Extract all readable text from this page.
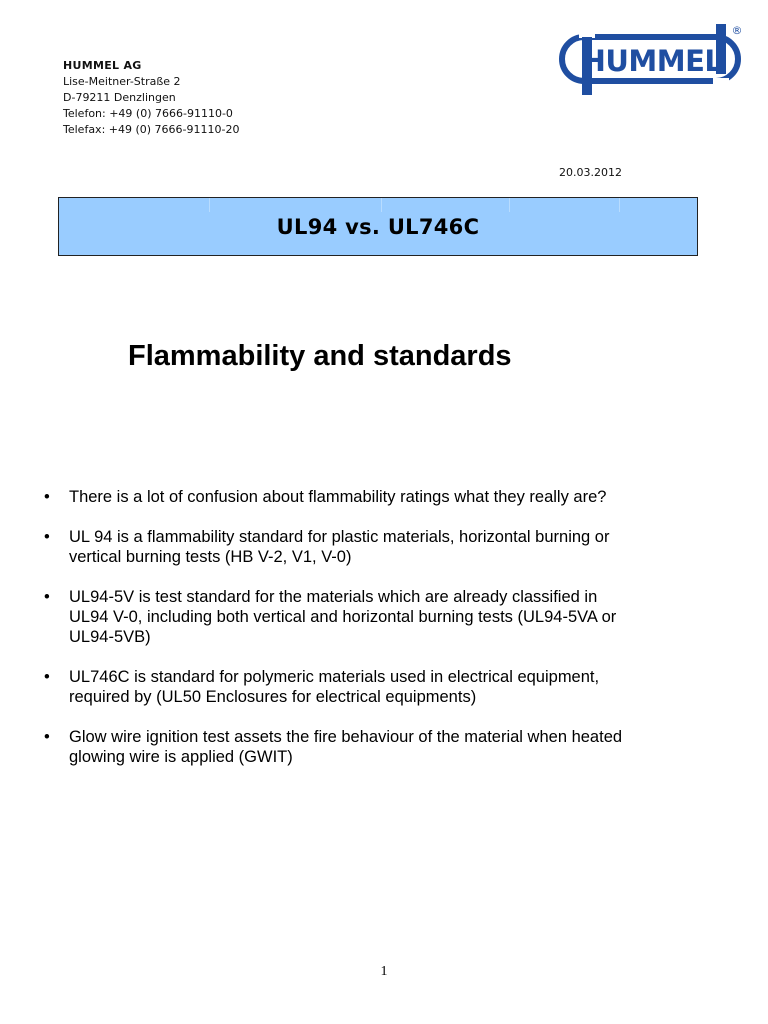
HUMMEL AG
Lise-Meitner-Straße 2
D-79211 Denzlingen
Telefon: +49 (0) 7666-91110-0
Telefax: +49 (0) 7666-91110-20
HUMMEL
®
20.03.2012
UL94 vs. UL746C
Flammability and standards
• There is a lot of confusion about flammability ratings what they really are?
• UL 94 is a flammability standard for plastic materials, horizontal burning or
vertical burning tests (HB V-2, V1, V-0)
• UL94-5V is test standard for the materials which are already classified in
UL94 V-0, including both vertical and horizontal burning tests (UL94-5VA or
UL94-5VB)
• UL746C is standard for polymeric materials used in electrical equipment,
required by (UL50 Enclosures for electrical equipments)
• Glow wire ignition test assets the fire behaviour of the material when heated
glowing wire is applied (GWIT)
1
